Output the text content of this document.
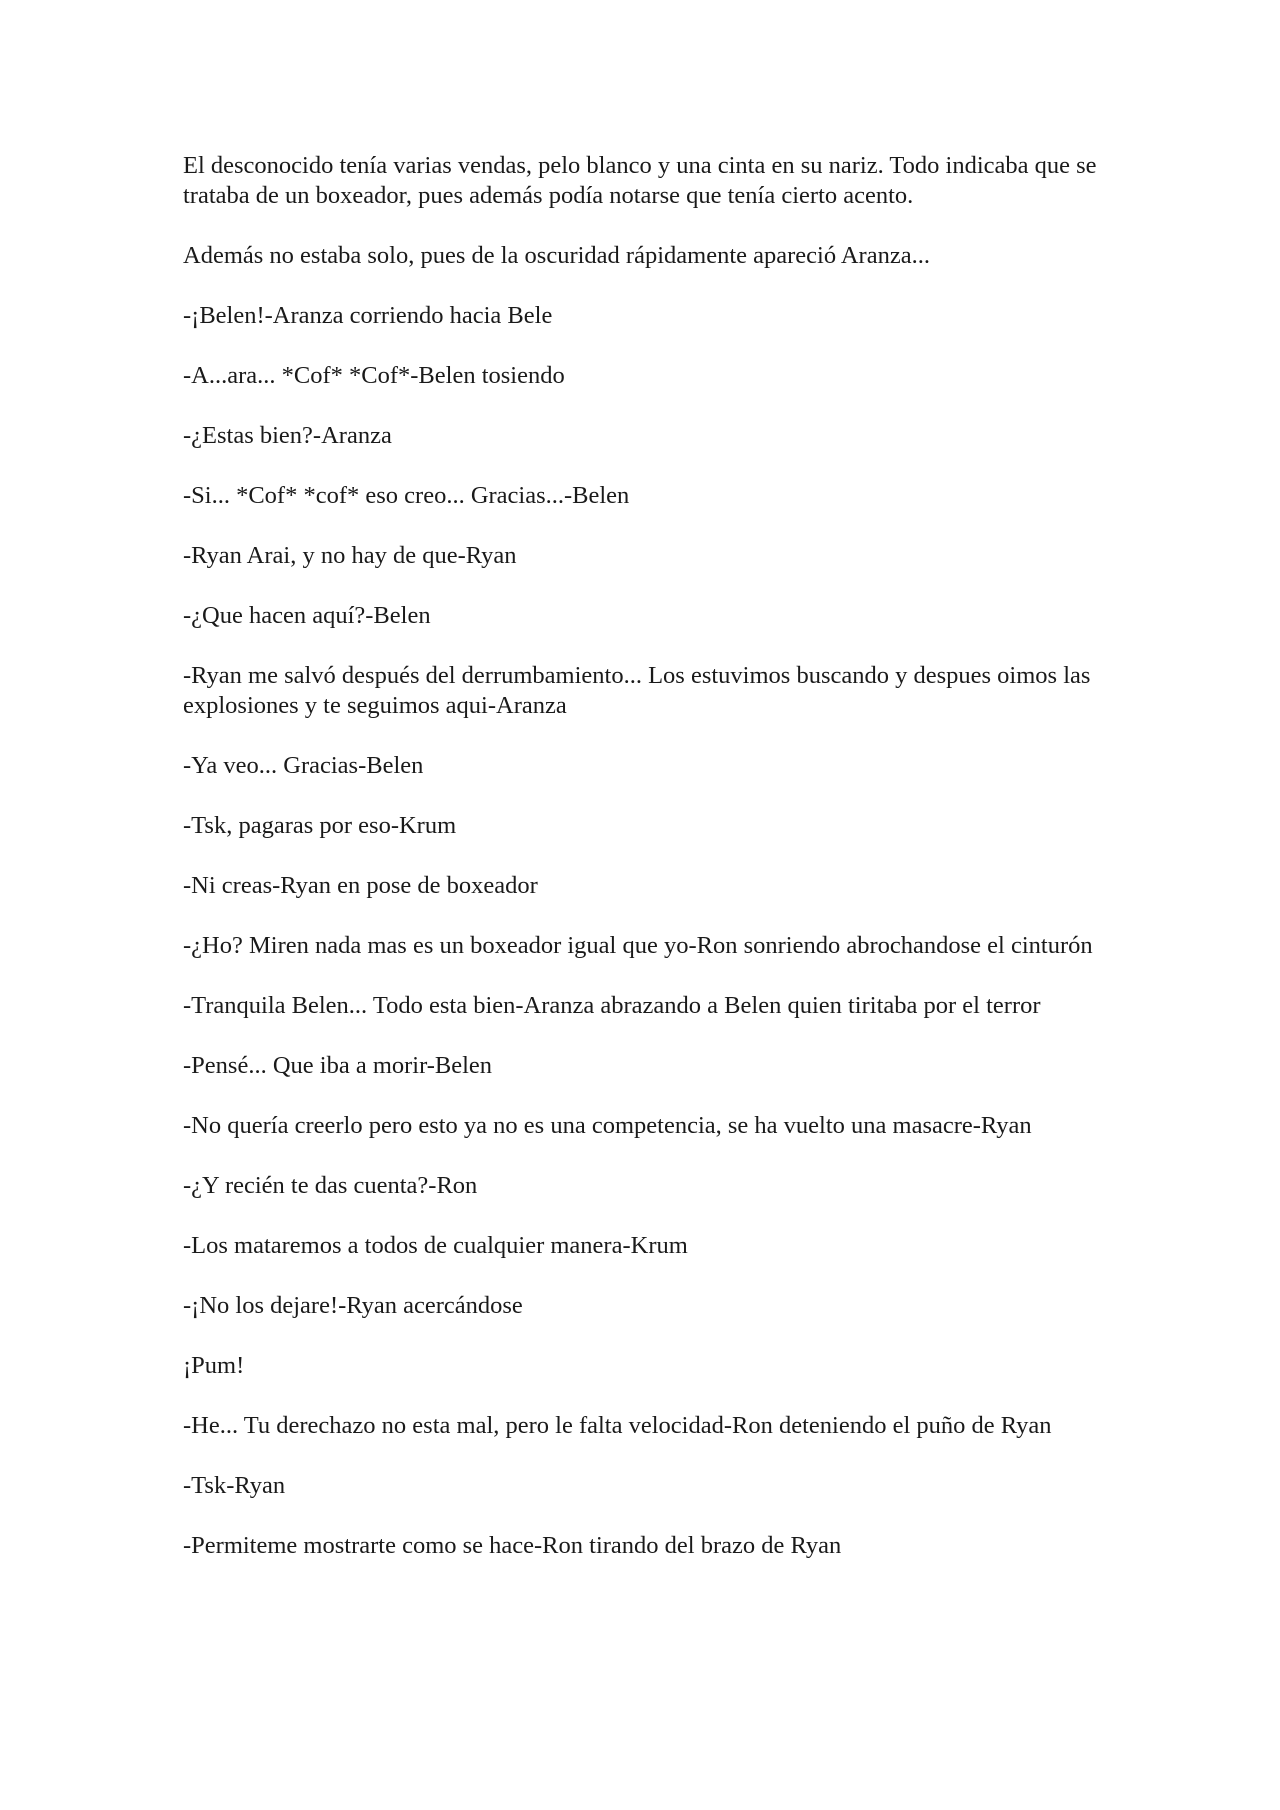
El desconocido tenía varias vendas, pelo blanco y una cinta en su nariz. Todo indicaba que se trataba de un boxeador, pues además podía notarse que tenía cierto acento.

Además no estaba solo, pues de la oscuridad rápidamente apareció Aranza...

-¡Belen!-Aranza corriendo hacia Bele

-A...ara... *Cof* *Cof*-Belen tosiendo

-¿Estas bien?-Aranza

-Si... *Cof* *cof* eso creo... Gracias...-Belen

-Ryan Arai, y no hay de que-Ryan

-¿Que hacen aquí?-Belen

-Ryan me salvó después del derrumbamiento... Los estuvimos buscando y despues oimos las explosiones y te seguimos aqui-Aranza

-Ya veo... Gracias-Belen

-Tsk, pagaras por eso-Krum

-Ni creas-Ryan en pose de boxeador

-¿Ho? Miren nada mas es un boxeador igual que yo-Ron sonriendo abrochandose el cinturón

-Tranquila Belen... Todo esta bien-Aranza abrazando a Belen quien tiritaba por el terror

-Pensé... Que iba a morir-Belen

-No quería creerlo pero esto ya no es una competencia, se ha vuelto una masacre-Ryan

-¿Y recién te das cuenta?-Ron

-Los mataremos a todos de cualquier manera-Krum

-¡No los dejare!-Ryan acercándose

¡Pum!

-He... Tu derechazo no esta mal, pero le falta velocidad-Ron deteniendo el puño de Ryan

-Tsk-Ryan

-Permiteme mostrarte como se hace-Ron tirando del brazo de Ryan
